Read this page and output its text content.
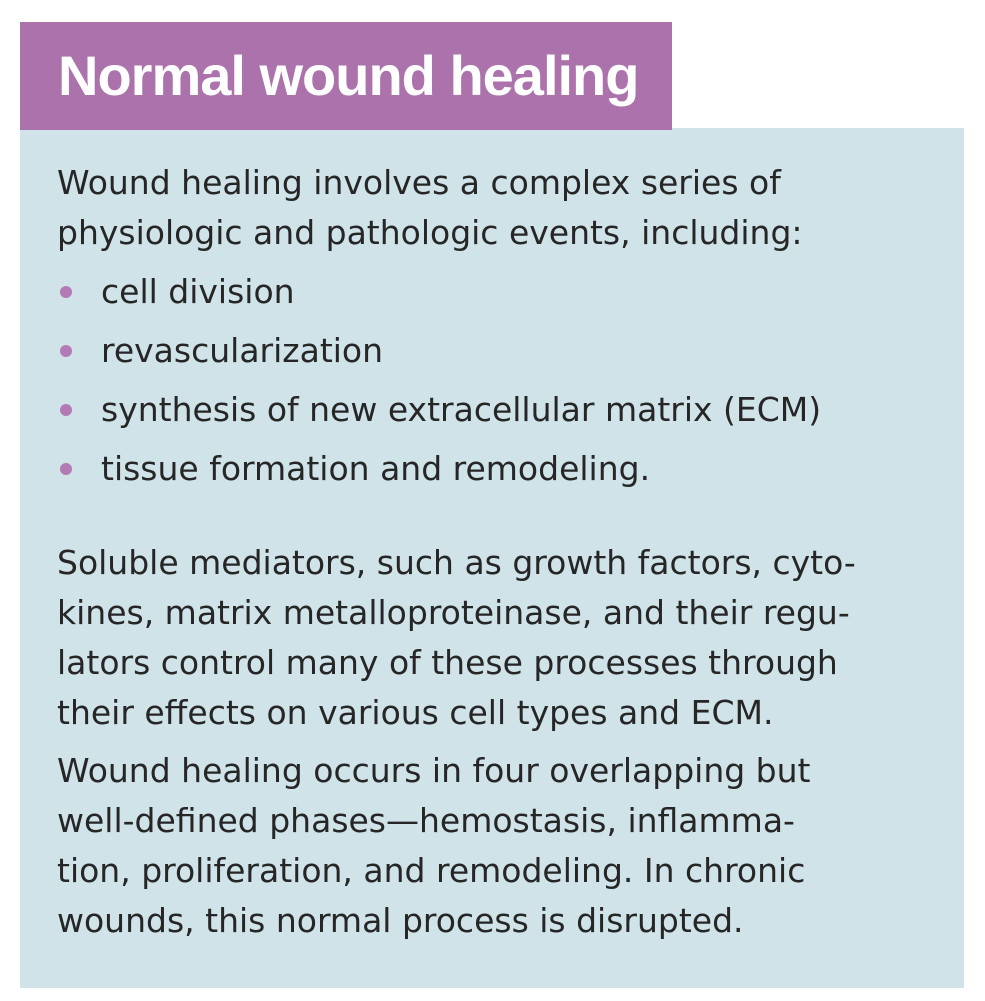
Normal wound healing

Wound healing involves a complex series of physiologic and pathologic events, including:

cell division
revascularization
synthesis of new extracellular matrix (ECM)
tissue formation and remodeling.
Soluble mediators, such as growth factors, cyto-
kines, matrix metalloproteinase, and their regu-
lators control many of these processes through
their effects on various cell types and ECM.
Wound healing occurs in four overlapping but
well-defined phases—hemostasis, inflamma-
tion, proliferation, and remodeling. In chronic
wounds, this normal process is disrupted.
